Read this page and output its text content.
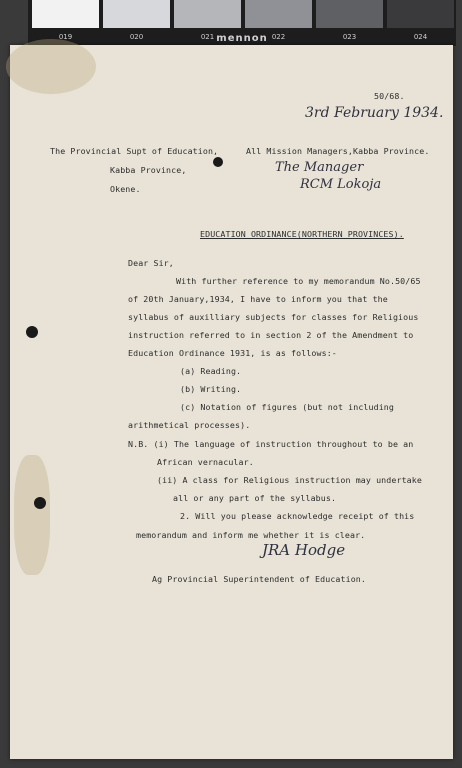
019	020	021	022	023	024
mennon
50/68.
3rd February 1934.
The Provincial Supt of Education,
Kabba Province,
Okene.
All Mission Managers,Kabba Province.
The Manager
RCM Lokoja
EDUCATION ORDINANCE(NORTHERN PROVINCES).
Dear Sir,
With further reference to my memorandum No.50/65
of 20th January,1934, I have to inform you that the
syllabus of auxilliary subjects for classes for Religious
instruction referred to in section 2 of the Amendment to
Education Ordinance 1931, is as follows:-
(a) Reading.
(b) Writing.
(c) Notation of figures (but not including
arithmetical processes).
N.B. (i) The language of instruction throughout to be an
African vernacular.
(ii) A class for Religious instruction may undertake
all or any part of the syllabus.
2. Will you please acknowledge receipt of this
memorandum and inform me whether it is clear.
JRA Hodge
Ag Provincial Superintendent of Education.
